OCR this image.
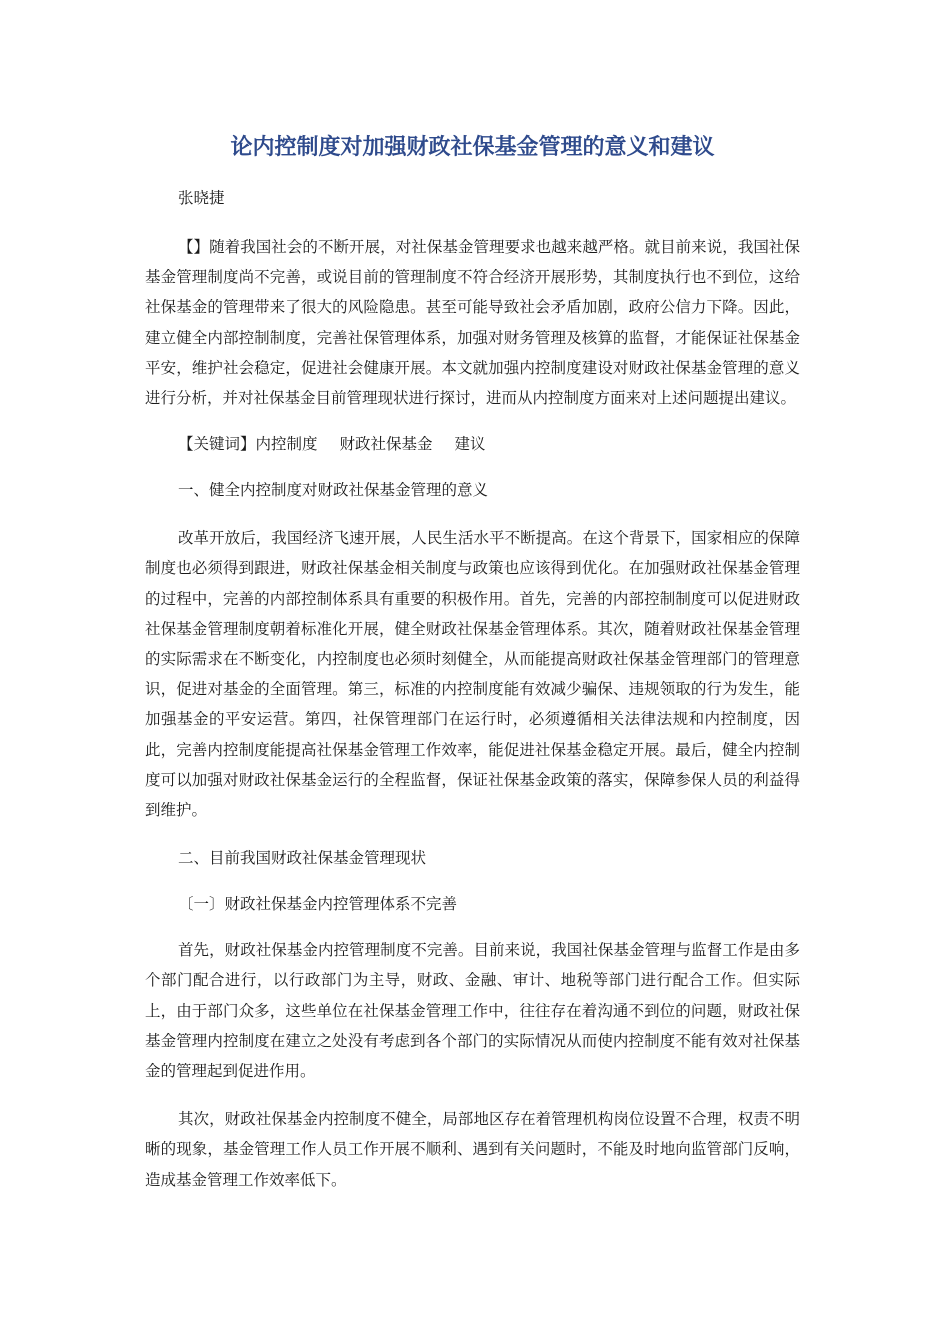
论内控制度对加强财政社保基金管理的意义和建议
张晓捷

【】随着我国社会的不断开展，对社保基金管理要求也越来越严格。就目前来说，我国社保基金管理制度尚不完善，或说目前的管理制度不符合经济开展形势，其制度执行也不到位，这给社保基金的管理带来了很大的风险隐患。甚至可能导致社会矛盾加剧，政府公信力下降。因此，建立健全内部控制制度，完善社保管理体系，加强对财务管理及核算的监督，才能保证社保基金平安，维护社会稳定，促进社会健康开展。本文就加强内控制度建设对财政社保基金管理的意义进行分析，并对社保基金目前管理现状进行探讨，进而从内控制度方面来对上述问题提出建议。

【关键词】内控制度 财政社保基金 建议
一、健全内控制度对财政社保基金管理的意义

改革开放后，我国经济飞速开展，人民生活水平不断提高。在这个背景下，国家相应的保障制度也必须得到跟进，财政社保基金相关制度与政策也应该得到优化。在加强财政社保基金管理的过程中，完善的内部控制体系具有重要的积极作用。首先，完善的内部控制制度可以促进财政社保基金管理制度朝着标准化开展，健全财政社保基金管理体系。其次，随着财政社保基金管理的实际需求在不断变化，内控制度也必须时刻健全，从而能提高财政社保基金管理部门的管理意识，促进对基金的全面管理。第三，标准的内控制度能有效减少骗保、违规领取的行为发生，能加强基金的平安运营。第四，社保管理部门在运行时，必须遵循相关法律法规和内控制度，因此，完善内控制度能提高社保基金管理工作效率，能促进社保基金稳定开展。最后，健全内控制度可以加强对财政社保基金运行的全程监督，保证社保基金政策的落实，保障参保人员的利益得到维护。

二、目前我国财政社保基金管理现状
〔一〕财政社保基金内控管理体系不完善

首先，财政社保基金内控管理制度不完善。目前来说，我国社保基金管理与监督工作是由多个部门配合进行，以行政部门为主导，财政、金融、审计、地税等部门进行配合工作。但实际上，由于部门众多，这些单位在社保基金管理工作中，往往存在着沟通不到位的问题，财政社保基金管理内控制度在建立之处没有考虑到各个部门的实际情况从而使内控制度不能有效对社保基金的管理起到促进作用。

其次，财政社保基金内控制度不健全，局部地区存在着管理机构岗位设置不合理，权责不明晰的现象，基金管理工作人员工作开展不顺利、遇到有关问题时，不能及时地向监管部门反响，造成基金管理工作效率低下。
